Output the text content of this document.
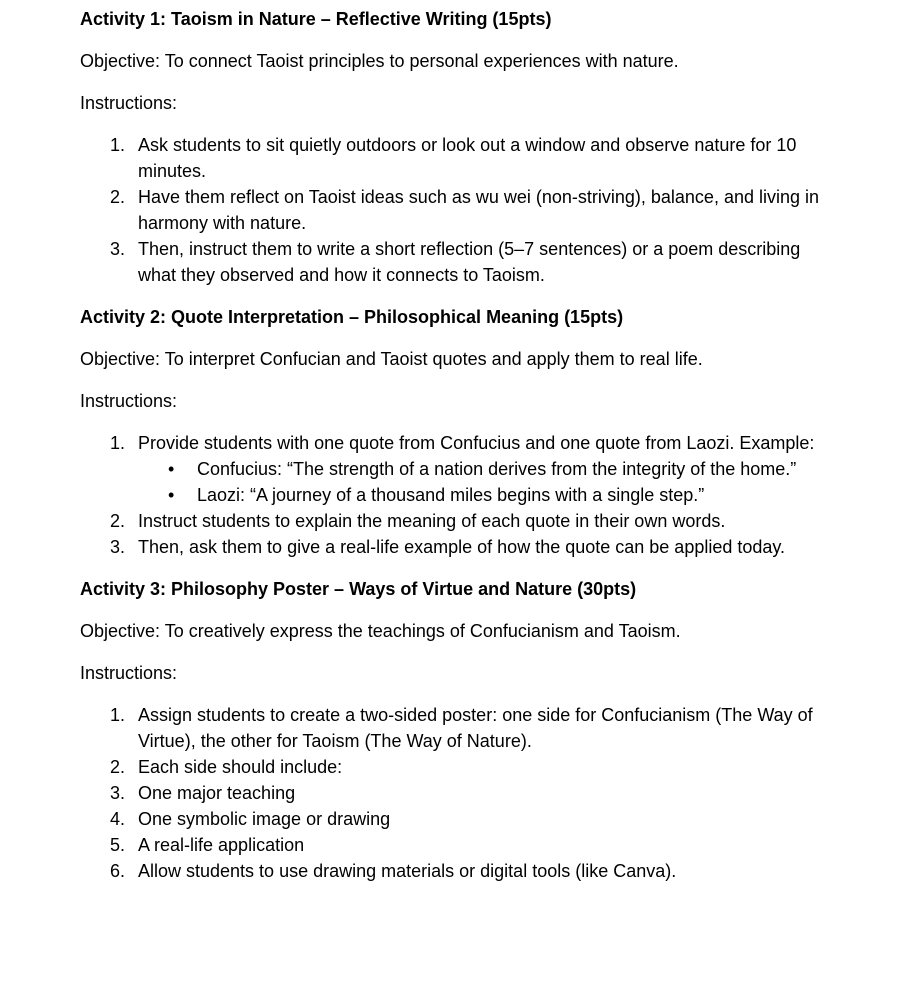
Activity 1: Taoism in Nature – Reflective Writing (15pts)

Objective: To connect Taoist principles to personal experiences with nature.

Instructions:

1. Ask students to sit quietly outdoors or look out a window and observe nature for 10 minutes.
2. Have them reflect on Taoist ideas such as wu wei (non-striving), balance, and living in harmony with nature.
3. Then, instruct them to write a short reflection (5–7 sentences) or a poem describing what they observed and how it connects to Taoism.

Activity 2: Quote Interpretation – Philosophical Meaning (15pts)

Objective: To interpret Confucian and Taoist quotes and apply them to real life.

Instructions:

1. Provide students with one quote from Confucius and one quote from Laozi. Example:
• Confucius: “The strength of a nation derives from the integrity of the home.”
• Laozi: “A journey of a thousand miles begins with a single step.”
2. Instruct students to explain the meaning of each quote in their own words.
3. Then, ask them to give a real-life example of how the quote can be applied today.

Activity 3: Philosophy Poster – Ways of Virtue and Nature (30pts)

Objective: To creatively express the teachings of Confucianism and Taoism.

Instructions:

1. Assign students to create a two-sided poster: one side for Confucianism (The Way of Virtue), the other for Taoism (The Way of Nature).
2. Each side should include:
3. One major teaching
4. One symbolic image or drawing
5. A real-life application
6. Allow students to use drawing materials or digital tools (like Canva).
